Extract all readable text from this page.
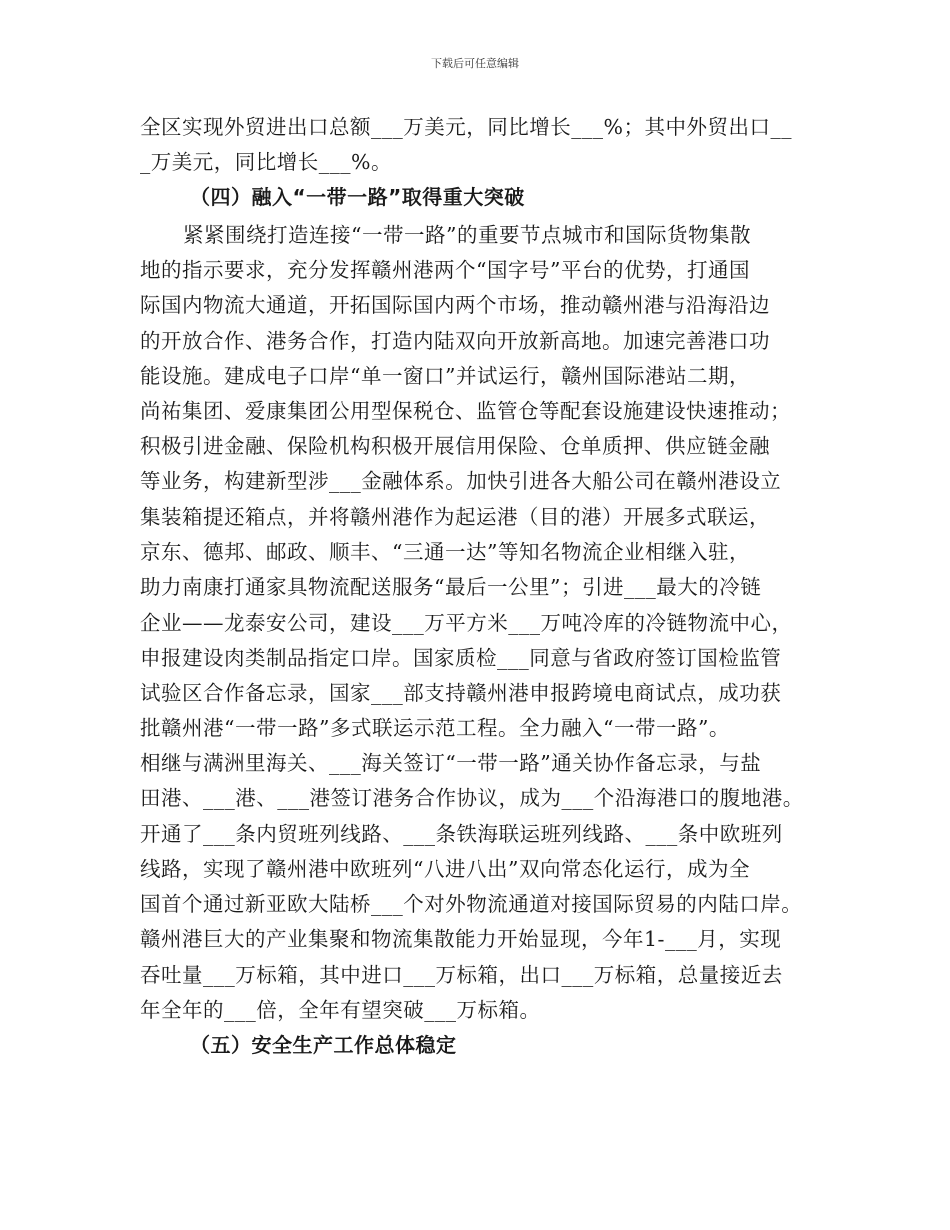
下载后可任意编辑
全区实现外贸进出口总额___万美元，同比增长___%；其中外贸出口__
_万美元，同比增长___%。
（四）融入“一带一路”取得重大突破
紧紧围绕打造连接“一带一路”的重要节点城市和国际货物集散
地的指示要求，充分发挥赣州港两个“国字号”平台的优势，打通国
际国内物流大通道，开拓国际国内两个市场，推动赣州港与沿海沿边
的开放合作、港务合作，打造内陆双向开放新高地。加速完善港口功
能设施。建成电子口岸“单一窗口”并试运行，赣州国际港站二期，
尚祐集团、爱康集团公用型保税仓、监管仓等配套设施建设快速推动；
积极引进金融、保险机构积极开展信用保险、仓单质押、供应链金融
等业务，构建新型涉___金融体系。加快引进各大船公司在赣州港设立
集装箱提还箱点，并将赣州港作为起运港（目的港）开展多式联运，
京东、德邦、邮政、顺丰、“三通一达”等知名物流企业相继入驻，
助力南康打通家具物流配送服务“最后一公里”；引进___最大的冷链
企业——龙泰安公司，建设___万平方米___万吨冷库的冷链物流中心，
申报建设肉类制品指定口岸。国家质检___同意与省政府签订国检监管
试验区合作备忘录，国家___部支持赣州港申报跨境电商试点，成功获
批赣州港“一带一路”多式联运示范工程。全力融入“一带一路”。
相继与满洲里海关、___海关签订“一带一路”通关协作备忘录，与盐
田港、___港、___港签订港务合作协议，成为___个沿海港口的腹地港。
开通了___条内贸班列线路、___条铁海联运班列线路、___条中欧班列
线路，实现了赣州港中欧班列“八进八出”双向常态化运行，成为全
国首个通过新亚欧大陆桥___个对外物流通道对接国际贸易的内陆口岸。
赣州港巨大的产业集聚和物流集散能力开始显现，今年1-___月，实现
吞吐量___万标箱，其中进口___万标箱，出口___万标箱，总量接近去
年全年的___倍，全年有望突破___万标箱。
（五）安全生产工作总体稳定
